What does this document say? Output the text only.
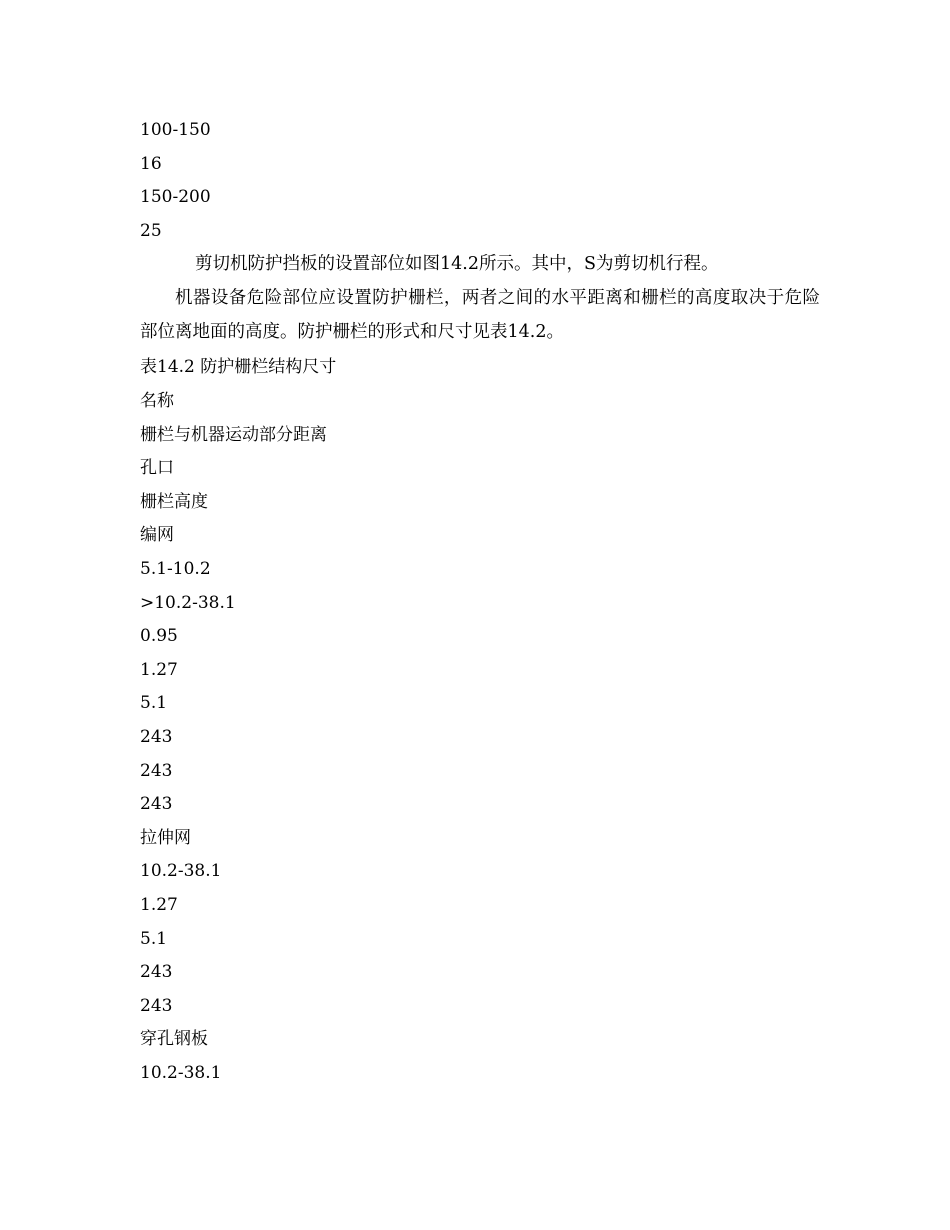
100-150
16
150-200
25
剪切机防护挡板的设置部位如图14.2所示。其中，S为剪切机行程。
机器设备危险部位应设置防护栅栏，两者之间的水平距离和栅栏的高度取决于危险部位离地面的高度。防护栅栏的形式和尺寸见表14.2。
表14.2 防护栅栏结构尺寸
名称
栅栏与机器运动部分距离
孔口
栅栏高度
编网
5.1-10.2
>10.2-38.1
0.95
1.27
5.1
243
243
243
拉伸网
10.2-38.1
1.27
5.1
243
243
穿孔钢板
10.2-38.1
